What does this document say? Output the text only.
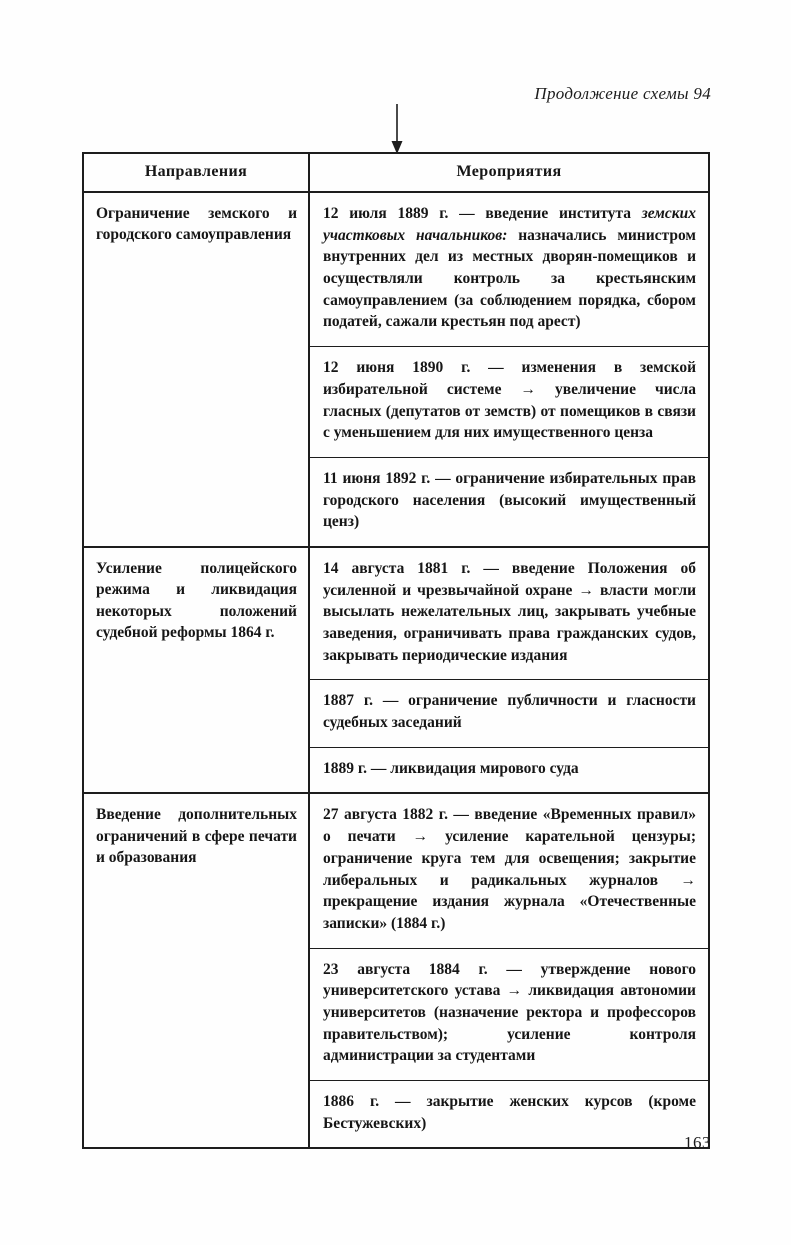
Продолжение схемы 94
Направления	Мероприятия
Ограничение земского и городского самоуправления
12 июля 1889 г. — введение института земских участковых начальников: назначались министром внутренних дел из местных дворян-помещиков и осуществляли контроль за крестьянским самоуправлением (за соблюдением порядка, сбором податей, сажали крестьян под арест)
12 июня 1890 г. — изменения в земской избирательной системе → увеличение числа гласных (депутатов от земств) от помещиков в связи с уменьшением для них имущественного ценза
11 июня 1892 г. — ограничение избирательных прав городского населения (высокий имущественный ценз)
Усиление полицейского режима и ликвидация некоторых положений судебной реформы 1864 г.
14 августа 1881 г. — введение Положения об усиленной и чрезвычайной охране → власти могли высылать нежелательных лиц, закрывать учебные заведения, ограничивать права гражданских судов, закрывать периодические издания
1887 г. — ограничение публичности и гласности судебных заседаний
1889 г. — ликвидация мирового суда
Введение дополнительных ограничений в сфере печати и образования
27 августа 1882 г. — введение «Временных правил» о печати → усиление карательной цензуры; ограничение круга тем для освещения; закрытие либеральных и радикальных журналов → прекращение издания журнала «Отечественные записки» (1884 г.)
23 августа 1884 г. — утверждение нового университетского устава → ликвидация автономии университетов (назначение ректора и профессоров правительством); усиление контроля администрации за студентами
1886 г. — закрытие женских курсов (кроме Бестужевских)
163
